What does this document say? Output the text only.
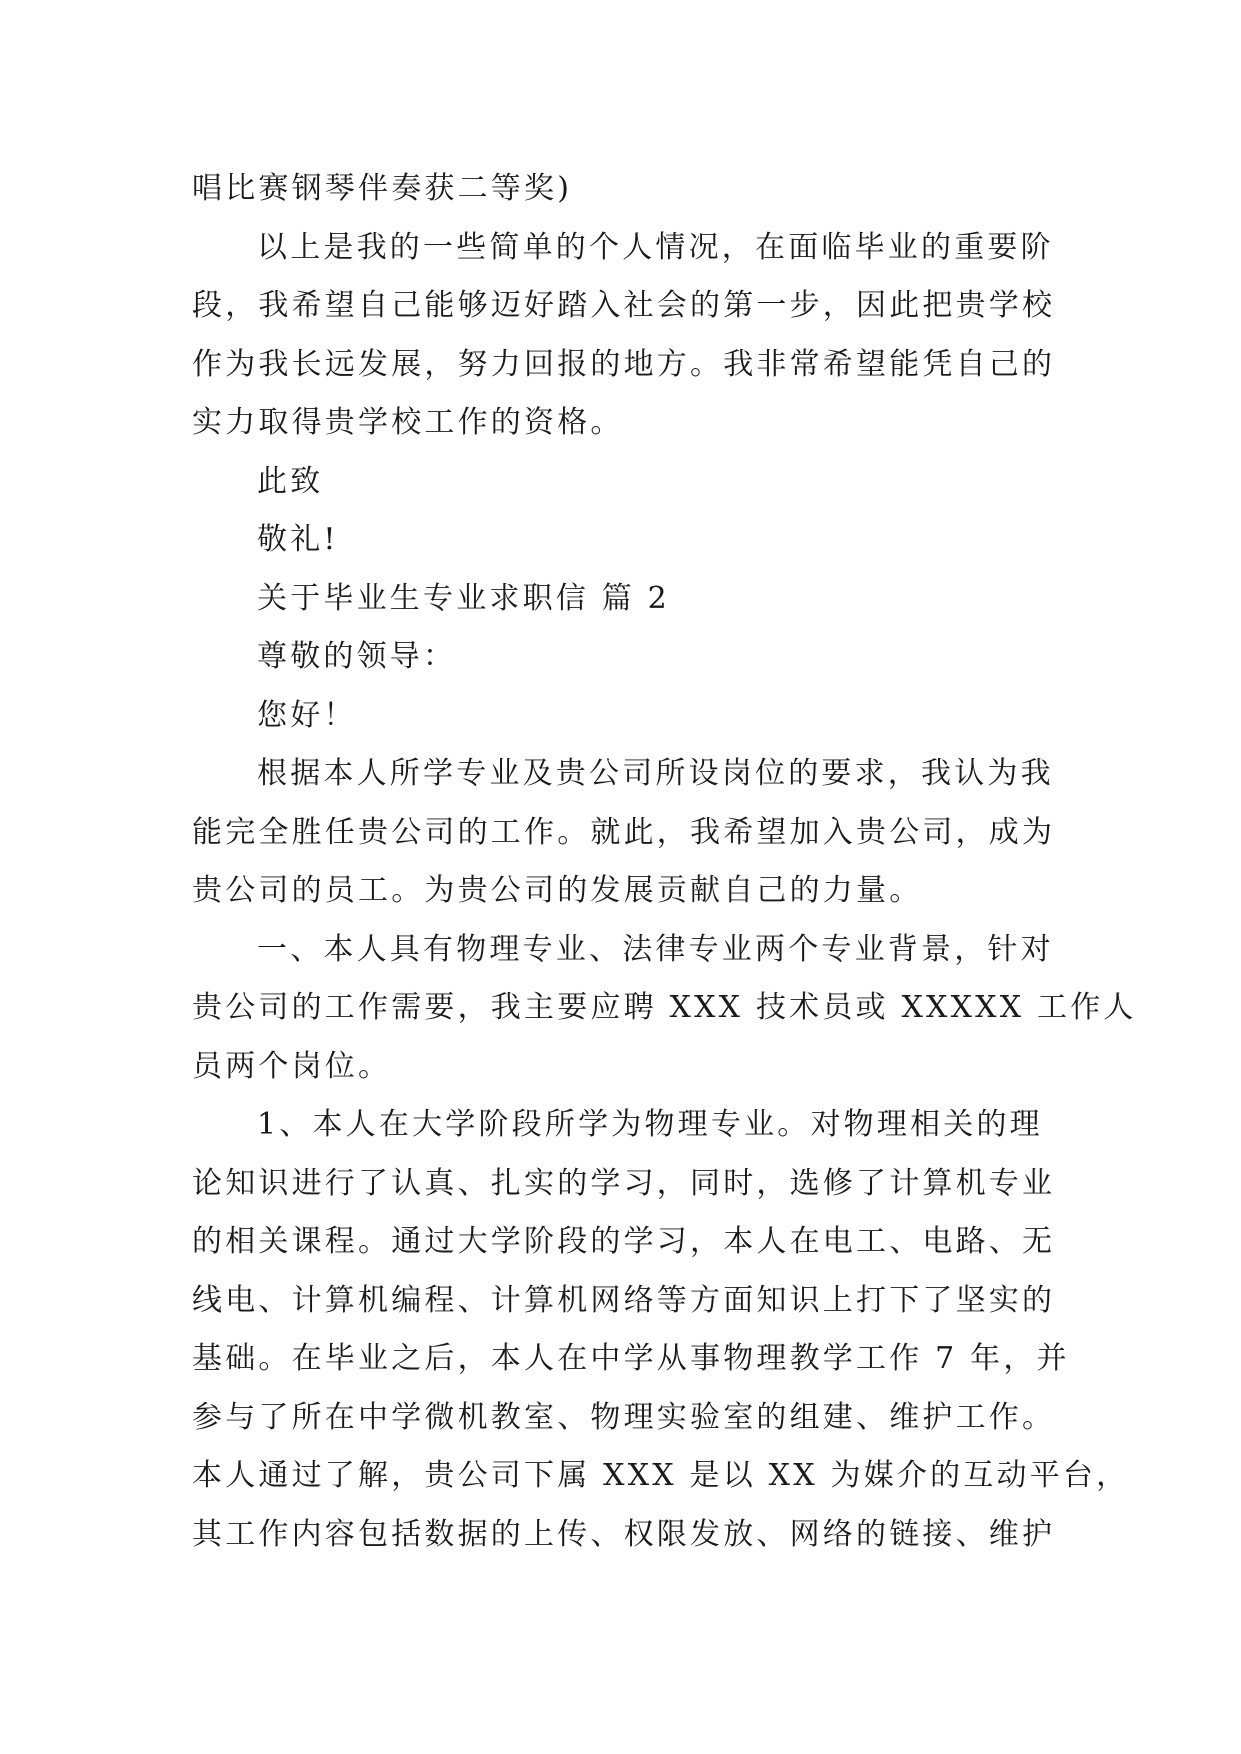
唱比赛钢琴伴奏获二等奖)
以上是我的一些简单的个人情况，在面临毕业的重要阶
段，我希望自己能够迈好踏入社会的第一步，因此把贵学校
作为我长远发展，努力回报的地方。我非常希望能凭自己的
实力取得贵学校工作的资格。
此致
敬礼!
关于毕业生专业求职信 篇 2
尊敬的领导：
您好！
根据本人所学专业及贵公司所设岗位的要求，我认为我
能完全胜任贵公司的工作。就此，我希望加入贵公司，成为
贵公司的员工。为贵公司的发展贡献自己的力量。
一、本人具有物理专业、法律专业两个专业背景，针对
贵公司的工作需要，我主要应聘 XXX 技术员或 XXXXX 工作人
员两个岗位。
1、本人在大学阶段所学为物理专业。对物理相关的理
论知识进行了认真、扎实的学习，同时，选修了计算机专业
的相关课程。通过大学阶段的学习，本人在电工、电路、无
线电、计算机编程、计算机网络等方面知识上打下了坚实的
基础。在毕业之后，本人在中学从事物理教学工作 7 年，并
参与了所在中学微机教室、物理实验室的组建、维护工作。
本人通过了解，贵公司下属 XXX 是以 XX 为媒介的互动平台，
其工作内容包括数据的上传、权限发放、网络的链接、维护
